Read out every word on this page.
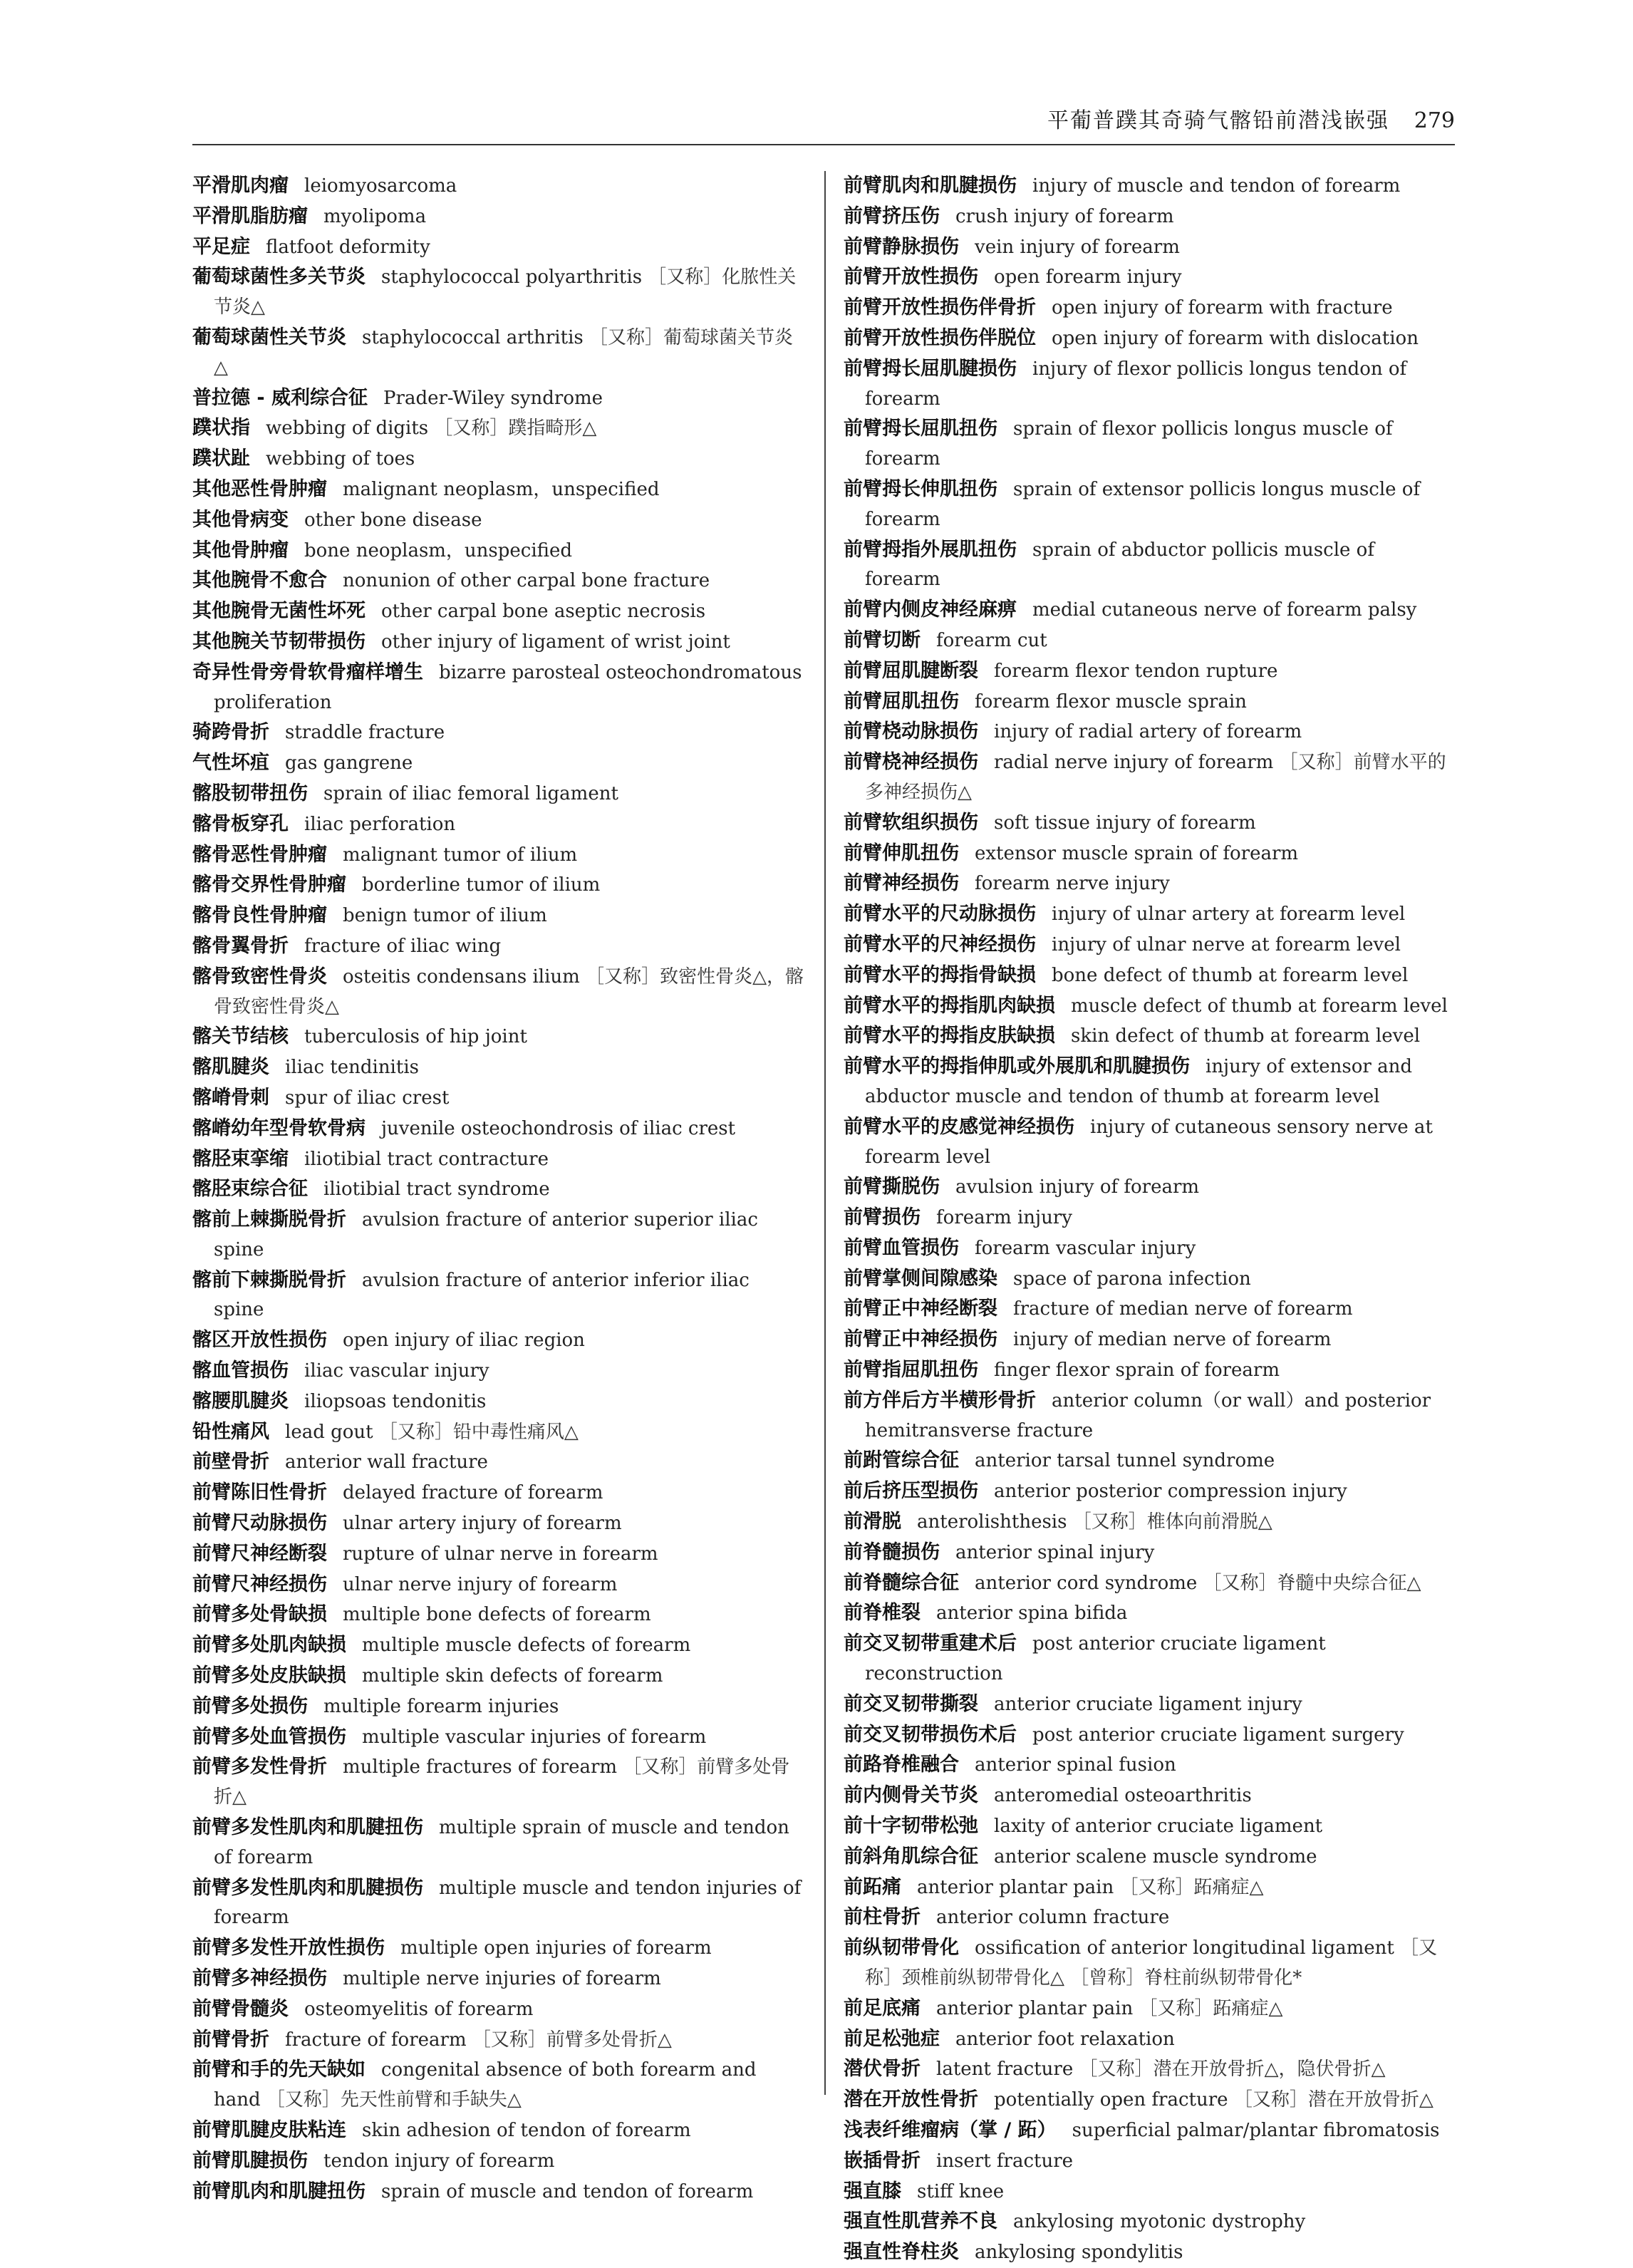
平葡普蹼其奇骑气髂铅前潜浅嵌强 279
平滑肌肉瘤 leiomyosarcoma
平滑肌脂肪瘤 myolipoma
平足症 flatfoot deformity
葡萄球菌性多关节炎 staphylococcal polyarthritis ［又称］化脓性关节炎△
葡萄球菌性关节炎 staphylococcal arthritis ［又称］葡萄球菌关节炎△
普拉德 - 威利综合征 Prader-Wiley syndrome
蹼状指 webbing of digits ［又称］蹼指畸形△
蹼状趾 webbing of toes
其他恶性骨肿瘤 malignant neoplasm，unspecified
其他骨病变 other bone disease
其他骨肿瘤 bone neoplasm，unspecified
其他腕骨不愈合 nonunion of other carpal bone fracture
其他腕骨无菌性坏死 other carpal bone aseptic necrosis
其他腕关节韧带损伤 other injury of ligament of wrist joint
奇异性骨旁骨软骨瘤样增生 bizarre parosteal osteochondromatous proliferation
骑跨骨折 straddle fracture
气性坏疽 gas gangrene
髂股韧带扭伤 sprain of iliac femoral ligament
髂骨板穿孔 iliac perforation
髂骨恶性骨肿瘤 malignant tumor of ilium
髂骨交界性骨肿瘤 borderline tumor of ilium
髂骨良性骨肿瘤 benign tumor of ilium
髂骨翼骨折 fracture of iliac wing
髂骨致密性骨炎 osteitis condensans ilium ［又称］致密性骨炎△，髂骨致密性骨炎△
髂关节结核 tuberculosis of hip joint
髂肌腱炎 iliac tendinitis
髂嵴骨刺 spur of iliac crest
髂嵴幼年型骨软骨病 juvenile osteochondrosis of iliac crest
髂胫束挛缩 iliotibial tract contracture
髂胫束综合征 iliotibial tract syndrome
髂前上棘撕脱骨折 avulsion fracture of anterior superior iliac spine
髂前下棘撕脱骨折 avulsion fracture of anterior inferior iliac spine
髂区开放性损伤 open injury of iliac region
髂血管损伤 iliac vascular injury
髂腰肌腱炎 iliopsoas tendonitis
铅性痛风 lead gout ［又称］铅中毒性痛风△
前壁骨折 anterior wall fracture
前臂陈旧性骨折 delayed fracture of forearm
前臂尺动脉损伤 ulnar artery injury of forearm
前臂尺神经断裂 rupture of ulnar nerve in forearm
前臂尺神经损伤 ulnar nerve injury of forearm
前臂多处骨缺损 multiple bone defects of forearm
前臂多处肌肉缺损 multiple muscle defects of forearm
前臂多处皮肤缺损 multiple skin defects of forearm
前臂多处损伤 multiple forearm injuries
前臂多处血管损伤 multiple vascular injuries of forearm
前臂多发性骨折 multiple fractures of forearm ［又称］前臂多处骨折△
前臂多发性肌肉和肌腱扭伤 multiple sprain of muscle and tendon of forearm
前臂多发性肌肉和肌腱损伤 multiple muscle and tendon injuries of forearm
前臂多发性开放性损伤 multiple open injuries of forearm
前臂多神经损伤 multiple nerve injuries of forearm
前臂骨髓炎 osteomyelitis of forearm
前臂骨折 fracture of forearm ［又称］前臂多处骨折△
前臂和手的先天缺如 congenital absence of both forearm and hand ［又称］先天性前臂和手缺失△
前臂肌腱皮肤粘连 skin adhesion of tendon of forearm
前臂肌腱损伤 tendon injury of forearm
前臂肌肉和肌腱扭伤 sprain of muscle and tendon of forearm
前臂肌肉和肌腱损伤 injury of muscle and tendon of forearm
前臂挤压伤 crush injury of forearm
前臂静脉损伤 vein injury of forearm
前臂开放性损伤 open forearm injury
前臂开放性损伤伴骨折 open injury of forearm with fracture
前臂开放性损伤伴脱位 open injury of forearm with dislocation
前臂拇长屈肌腱损伤 injury of flexor pollicis longus tendon of forearm
前臂拇长屈肌扭伤 sprain of flexor pollicis longus muscle of forearm
前臂拇长伸肌扭伤 sprain of extensor pollicis longus muscle of forearm
前臂拇指外展肌扭伤 sprain of abductor pollicis muscle of forearm
前臂内侧皮神经麻痹 medial cutaneous nerve of forearm palsy
前臂切断 forearm cut
前臂屈肌腱断裂 forearm flexor tendon rupture
前臂屈肌扭伤 forearm flexor muscle sprain
前臂桡动脉损伤 injury of radial artery of forearm
前臂桡神经损伤 radial nerve injury of forearm ［又称］前臂水平的多神经损伤△
前臂软组织损伤 soft tissue injury of forearm
前臂伸肌扭伤 extensor muscle sprain of forearm
前臂神经损伤 forearm nerve injury
前臂水平的尺动脉损伤 injury of ulnar artery at forearm level
前臂水平的尺神经损伤 injury of ulnar nerve at forearm level
前臂水平的拇指骨缺损 bone defect of thumb at forearm level
前臂水平的拇指肌肉缺损 muscle defect of thumb at forearm level
前臂水平的拇指皮肤缺损 skin defect of thumb at forearm level
前臂水平的拇指伸肌或外展肌和肌腱损伤 injury of extensor and abductor muscle and tendon of thumb at forearm level
前臂水平的皮感觉神经损伤 injury of cutaneous sensory nerve at forearm level
前臂撕脱伤 avulsion injury of forearm
前臂损伤 forearm injury
前臂血管损伤 forearm vascular injury
前臂掌侧间隙感染 space of parona infection
前臂正中神经断裂 fracture of median nerve of forearm
前臂正中神经损伤 injury of median nerve of forearm
前臂指屈肌扭伤 finger flexor sprain of forearm
前方伴后方半横形骨折 anterior column（or wall）and posterior hemitransverse fracture
前跗管综合征 anterior tarsal tunnel syndrome
前后挤压型损伤 anterior posterior compression injury
前滑脱 anterolishthesis ［又称］椎体向前滑脱△
前脊髓损伤 anterior spinal injury
前脊髓综合征 anterior cord syndrome ［又称］脊髓中央综合征△
前脊椎裂 anterior spina bifida
前交叉韧带重建术后 post anterior cruciate ligament reconstruction
前交叉韧带撕裂 anterior cruciate ligament injury
前交叉韧带损伤术后 post anterior cruciate ligament surgery
前路脊椎融合 anterior spinal fusion
前内侧骨关节炎 anteromedial osteoarthritis
前十字韧带松弛 laxity of anterior cruciate ligament
前斜角肌综合征 anterior scalene muscle syndrome
前跖痛 anterior plantar pain ［又称］跖痛症△
前柱骨折 anterior column fracture
前纵韧带骨化 ossification of anterior longitudinal ligament ［又称］颈椎前纵韧带骨化△ ［曾称］脊柱前纵韧带骨化*
前足底痛 anterior plantar pain ［又称］跖痛症△
前足松弛症 anterior foot relaxation
潜伏骨折 latent fracture ［又称］潜在开放骨折△，隐伏骨折△
潜在开放性骨折 potentially open fracture ［又称］潜在开放骨折△
浅表纤维瘤病（掌 / 跖） superficial palmar/plantar fibromatosis
嵌插骨折 insert fracture
强直膝 stiff knee
强直性肌营养不良 ankylosing myotonic dystrophy
强直性脊柱炎 ankylosing spondylitis
